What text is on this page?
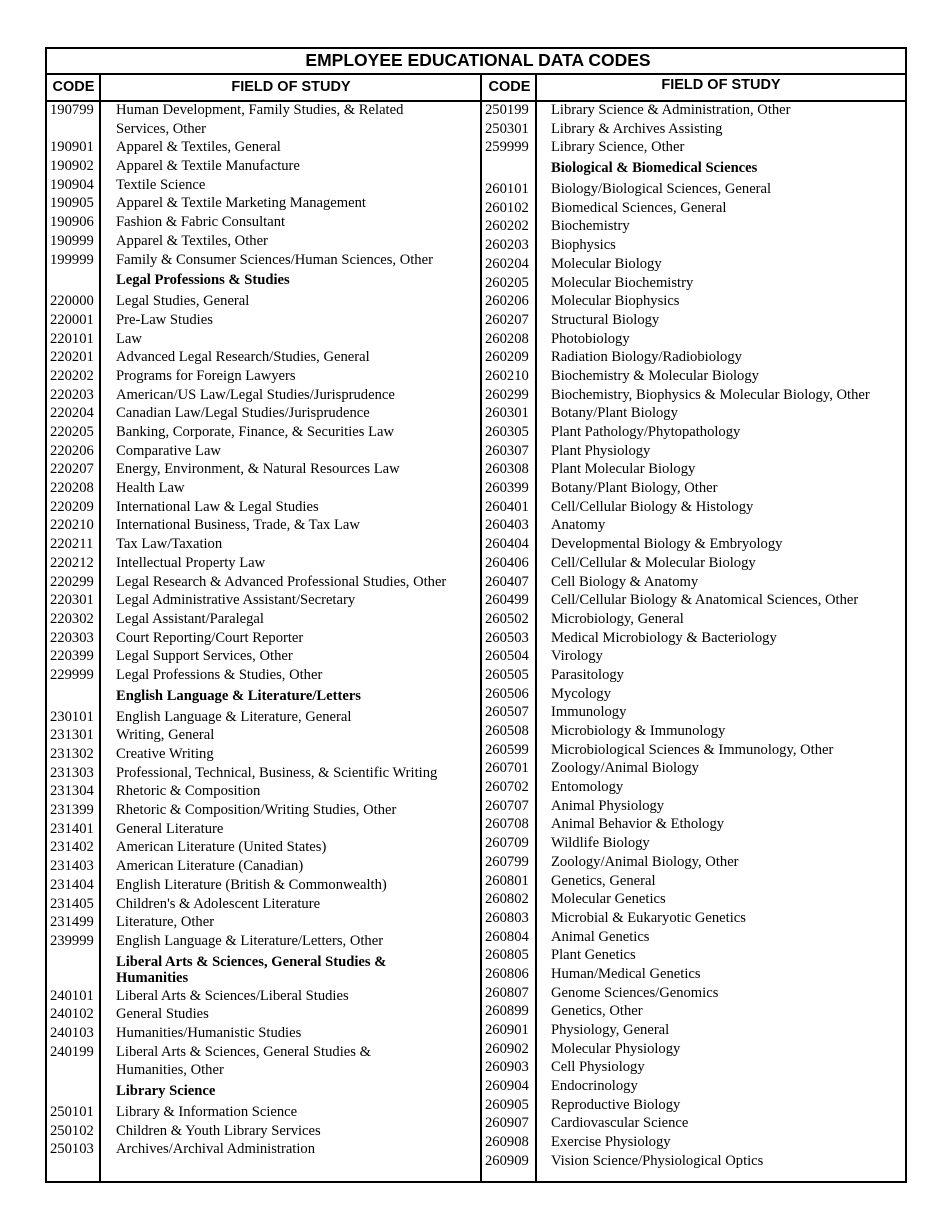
EMPLOYEE EDUCATIONAL DATA CODES
CODE	FIELD OF STUDY	CODE	FIELD OF STUDY
190799	Human Development, Family Studies, & Related Services, Other
190901	Apparel & Textiles, General
190902	Apparel & Textile Manufacture
190904	Textile Science
190905	Apparel & Textile Marketing Management
190906	Fashion & Fabric Consultant
190999	Apparel & Textiles, Other
199999	Family & Consumer Sciences/Human Sciences, Other
Legal Professions & Studies
220000	Legal Studies, General
220001	Pre-Law Studies
220101	Law
220201	Advanced Legal Research/Studies, General
220202	Programs for Foreign Lawyers
220203	American/US Law/Legal Studies/Jurisprudence
220204	Canadian Law/Legal Studies/Jurisprudence
220205	Banking, Corporate, Finance, & Securities Law
220206	Comparative Law
220207	Energy, Environment, & Natural Resources Law
220208	Health Law
220209	International Law & Legal Studies
220210	International Business, Trade, & Tax Law
220211	Tax Law/Taxation
220212	Intellectual Property Law
220299	Legal Research & Advanced Professional Studies, Other
220301	Legal Administrative Assistant/Secretary
220302	Legal Assistant/Paralegal
220303	Court Reporting/Court Reporter
220399	Legal Support Services, Other
229999	Legal Professions & Studies, Other
English Language & Literature/Letters
230101	English Language & Literature, General
231301	Writing, General
231302	Creative Writing
231303	Professional, Technical, Business, & Scientific Writing
231304	Rhetoric & Composition
231399	Rhetoric & Composition/Writing Studies, Other
231401	General Literature
231402	American Literature (United States)
231403	American Literature (Canadian)
231404	English Literature (British & Commonwealth)
231405	Children's & Adolescent Literature
231499	Literature, Other
239999	English Language & Literature/Letters, Other
Liberal Arts & Sciences, General Studies & Humanities
240101	Liberal Arts & Sciences/Liberal Studies
240102	General Studies
240103	Humanities/Humanistic Studies
240199	Liberal Arts & Sciences, General Studies & Humanities, Other
Library Science
250101	Library & Information Science
250102	Children & Youth Library Services
250103	Archives/Archival Administration
250199	Library Science & Administration, Other
250301	Library & Archives Assisting
259999	Library Science, Other
Biological & Biomedical Sciences
260101	Biology/Biological Sciences, General
260102	Biomedical Sciences, General
260202	Biochemistry
260203	Biophysics
260204	Molecular Biology
260205	Molecular Biochemistry
260206	Molecular Biophysics
260207	Structural Biology
260208	Photobiology
260209	Radiation Biology/Radiobiology
260210	Biochemistry & Molecular Biology
260299	Biochemistry, Biophysics & Molecular Biology, Other
260301	Botany/Plant Biology
260305	Plant Pathology/Phytopathology
260307	Plant Physiology
260308	Plant Molecular Biology
260399	Botany/Plant Biology, Other
260401	Cell/Cellular Biology & Histology
260403	Anatomy
260404	Developmental Biology & Embryology
260406	Cell/Cellular & Molecular Biology
260407	Cell Biology & Anatomy
260499	Cell/Cellular Biology & Anatomical Sciences, Other
260502	Microbiology, General
260503	Medical Microbiology & Bacteriology
260504	Virology
260505	Parasitology
260506	Mycology
260507	Immunology
260508	Microbiology & Immunology
260599	Microbiological Sciences & Immunology, Other
260701	Zoology/Animal Biology
260702	Entomology
260707	Animal Physiology
260708	Animal Behavior & Ethology
260709	Wildlife Biology
260799	Zoology/Animal Biology, Other
260801	Genetics, General
260802	Molecular Genetics
260803	Microbial & Eukaryotic Genetics
260804	Animal Genetics
260805	Plant Genetics
260806	Human/Medical Genetics
260807	Genome Sciences/Genomics
260899	Genetics, Other
260901	Physiology, General
260902	Molecular Physiology
260903	Cell Physiology
260904	Endocrinology
260905	Reproductive Biology
260907	Cardiovascular Science
260908	Exercise Physiology
260909	Vision Science/Physiological Optics
